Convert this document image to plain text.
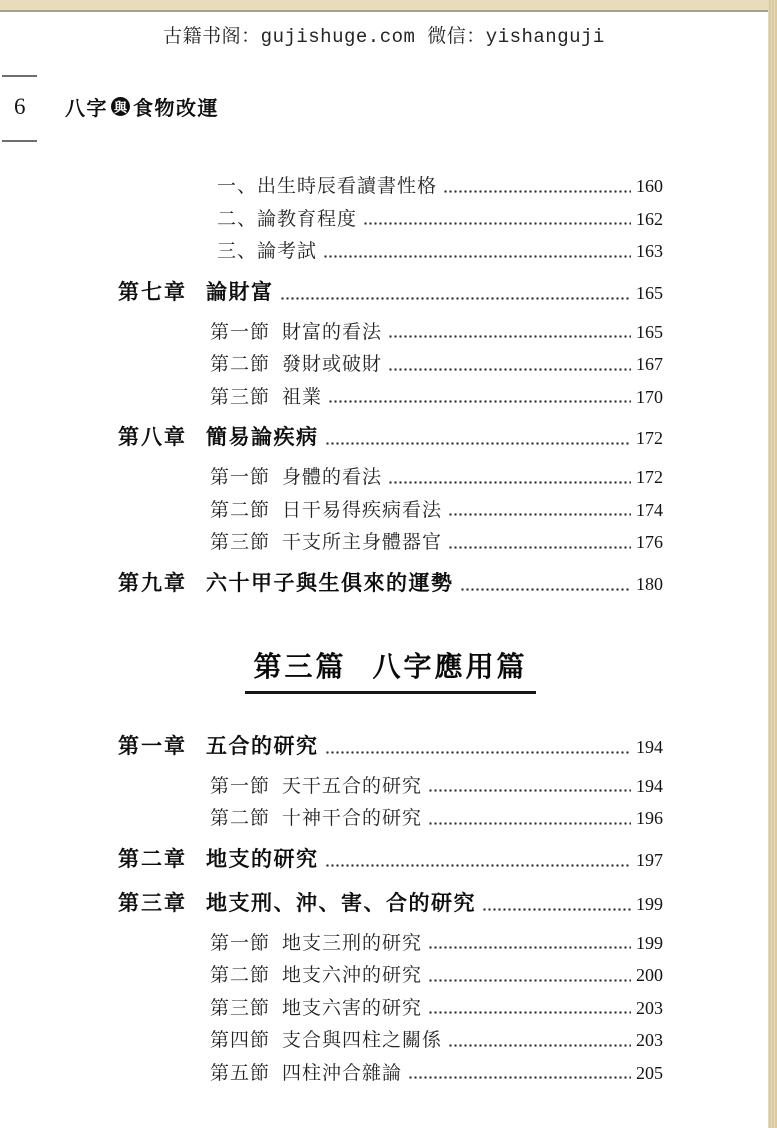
古籍书阁：gujishuge.com 微信：yishanguji
6	八字 與 食物改運
一、出生時辰看讀書性格	160
二、論教育程度	162
三、論考試	163
第七章 論財富	165
第一節 財富的看法	165
第二節 發財或破財	167
第三節 祖業	170
第八章 簡易論疾病	172
第一節 身體的看法	172
第二節 日干易得疾病看法	174
第三節 干支所主身體器官	176
第九章 六十甲子與生俱來的運勢	180
第三篇 八字應用篇
第一章 五合的研究	194
第一節 天干五合的研究	194
第二節 十神干合的研究	196
第二章 地支的研究	197
第三章 地支刑、沖、害、合的研究	199
第一節 地支三刑的研究	199
第二節 地支六沖的研究	200
第三節 地支六害的研究	203
第四節 支合與四柱之關係	203
第五節 四柱沖合雜論	205
